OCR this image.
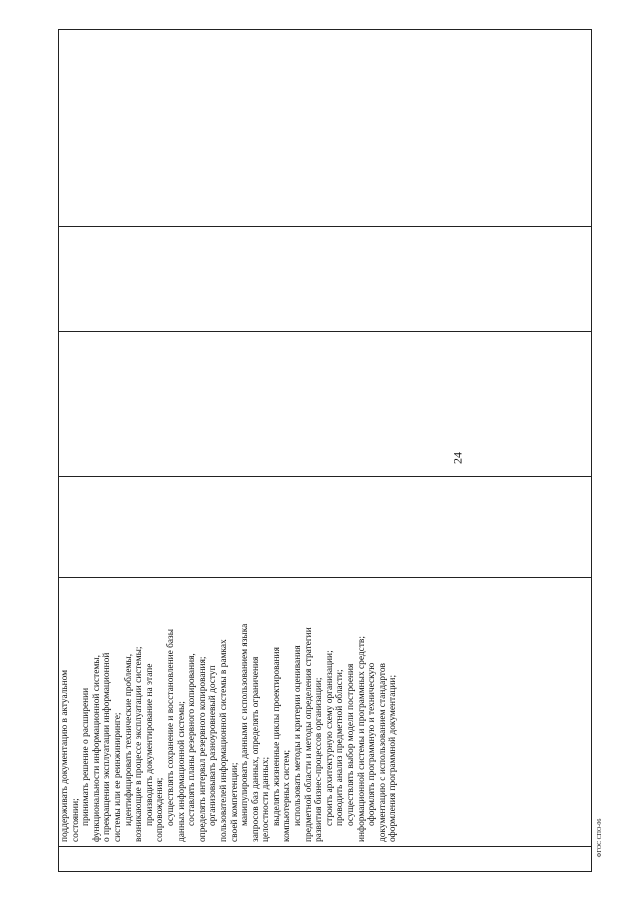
24

поддерживать документацию в актуальном состоянии; принимать решение о расширении функциональности информационной системы, о прекращении эксплуатации информационной системы или ее реинжиниринге; идентифицировать технические проблемы, возникающие в процессе эксплуатации системы; производить документирование на этапе сопровождения; осуществлять сохранение и восстановление базы данных информационной системы; составлять планы резервного копирования, определять интервал резервного копирования; организовывать разноуровневый доступ пользователей информационной системы в рамках своей компетенции; манипулировать данными с использованием языка запросов баз данных, определять ограничения целостности данных; выделять жизненные циклы проектирования компьютерных систем; использовать методы и критерии оценивания предметной области и методы определения стратегии развития бизнес-процессов организации; строить архитектурную схему организации; проводить анализ предметной области; осуществлять выбор модели построения информационной системы и программных средств; оформлять программную и техническую документацию с использованием стандартов оформления программной документации;
					ФГОС СПО-06
